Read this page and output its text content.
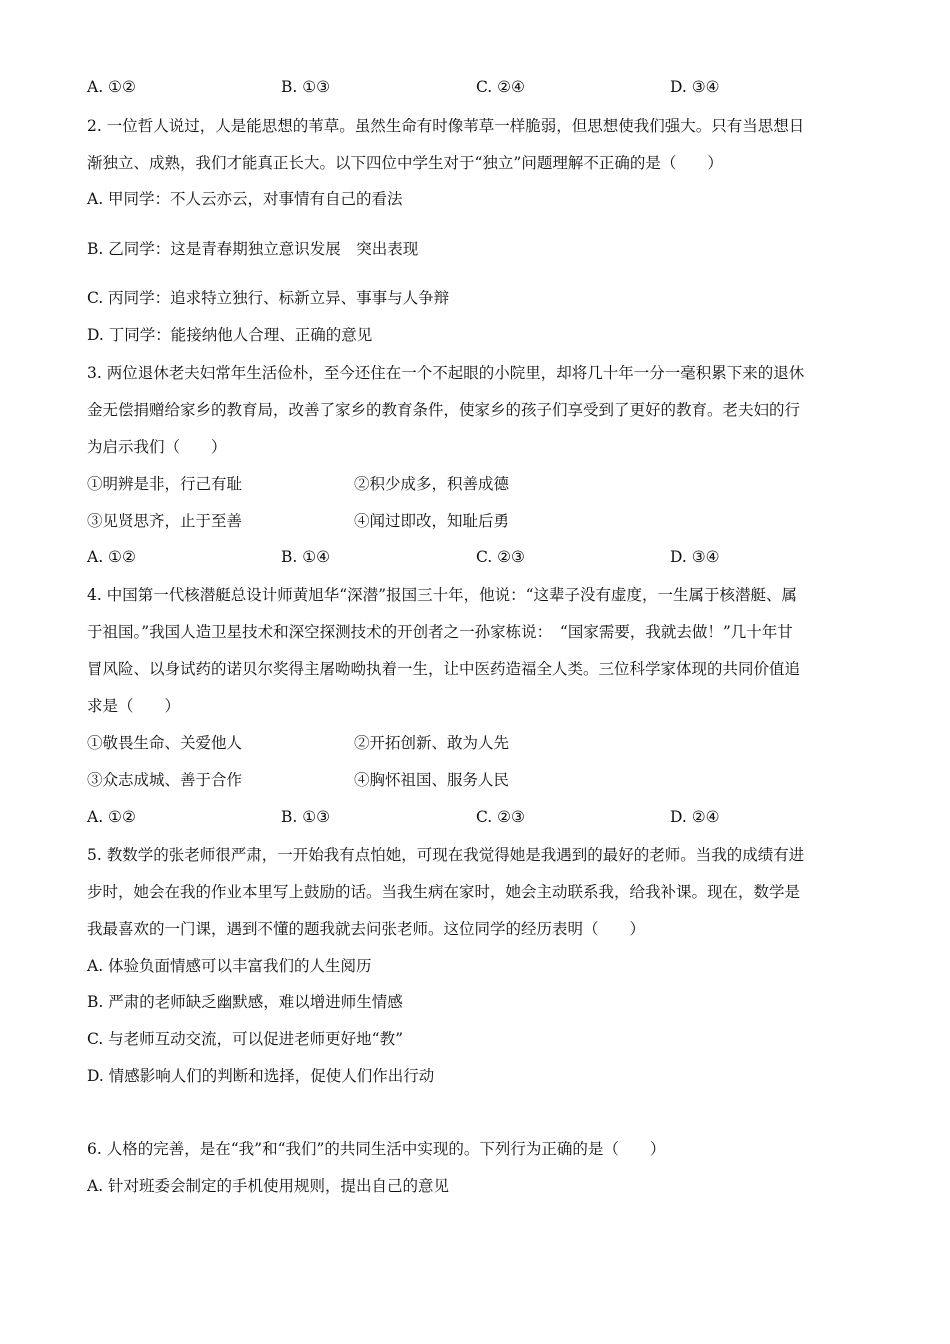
A. ①②	B. ①③	C. ②④	D. ③④
2. 一位哲人说过，人是能思想的苇草。虽然生命有时像苇草一样脆弱，但思想使我们强大。只有当思想日
渐独立、成熟，我们才能真正长大。以下四位中学生对于“独立”问题理解不正确的是（　　）
A. 甲同学：不人云亦云，对事情有自己的看法
B. 乙同学：这是青春期独立意识发展　突出表现
C. 丙同学：追求特立独行、标新立异、事事与人争辩
D. 丁同学：能接纳他人合理、正确的意见
3. 两位退休老夫妇常年生活俭朴，至今还住在一个不起眼的小院里，却将几十年一分一毫积累下来的退休
金无偿捐赠给家乡的教育局，改善了家乡的教育条件，使家乡的孩子们享受到了更好的教育。老夫妇的行
为启示我们（　　）
①明辨是非，行己有耻	②积少成多，积善成德
③见贤思齐，止于至善	④闻过即改，知耻后勇
A. ①②	B. ①④	C. ②③	D. ③④
4. 中国第一代核潜艇总设计师黄旭华“深潜”报国三十年，他说：“这辈子没有虚度，一生属于核潜艇、属
于祖国。”我国人造卫星技术和深空探测技术的开创者之一孙家栋说：　“国家需要，我就去做！”几十年甘
冒风险、以身试药的诺贝尔奖得主屠呦呦执着一生，让中医药造福全人类。三位科学家体现的共同价值追
求是（　　）
①敬畏生命、关爱他人	②开拓创新、敢为人先
③众志成城、善于合作	④胸怀祖国、服务人民
A. ①②	B. ①③	C. ②③	D. ②④
5. 教数学的张老师很严肃，一开始我有点怕她，可现在我觉得她是我遇到的最好的老师。当我的成绩有进
步时，她会在我的作业本里写上鼓励的话。当我生病在家时，她会主动联系我，给我补课。现在，数学是
我最喜欢的一门课，遇到不懂的题我就去问张老师。这位同学的经历表明（　　）
A. 体验负面情感可以丰富我们的人生阅历
B. 严肃的老师缺乏幽默感，难以增进师生情感
C. 与老师互动交流，可以促进老师更好地“教”
D. 情感影响人们的判断和选择，促使人们作出行动
6. 人格的完善，是在“我”和“我们”的共同生活中实现的。下列行为正确的是（　　）
A. 针对班委会制定的手机使用规则，提出自己的意见
